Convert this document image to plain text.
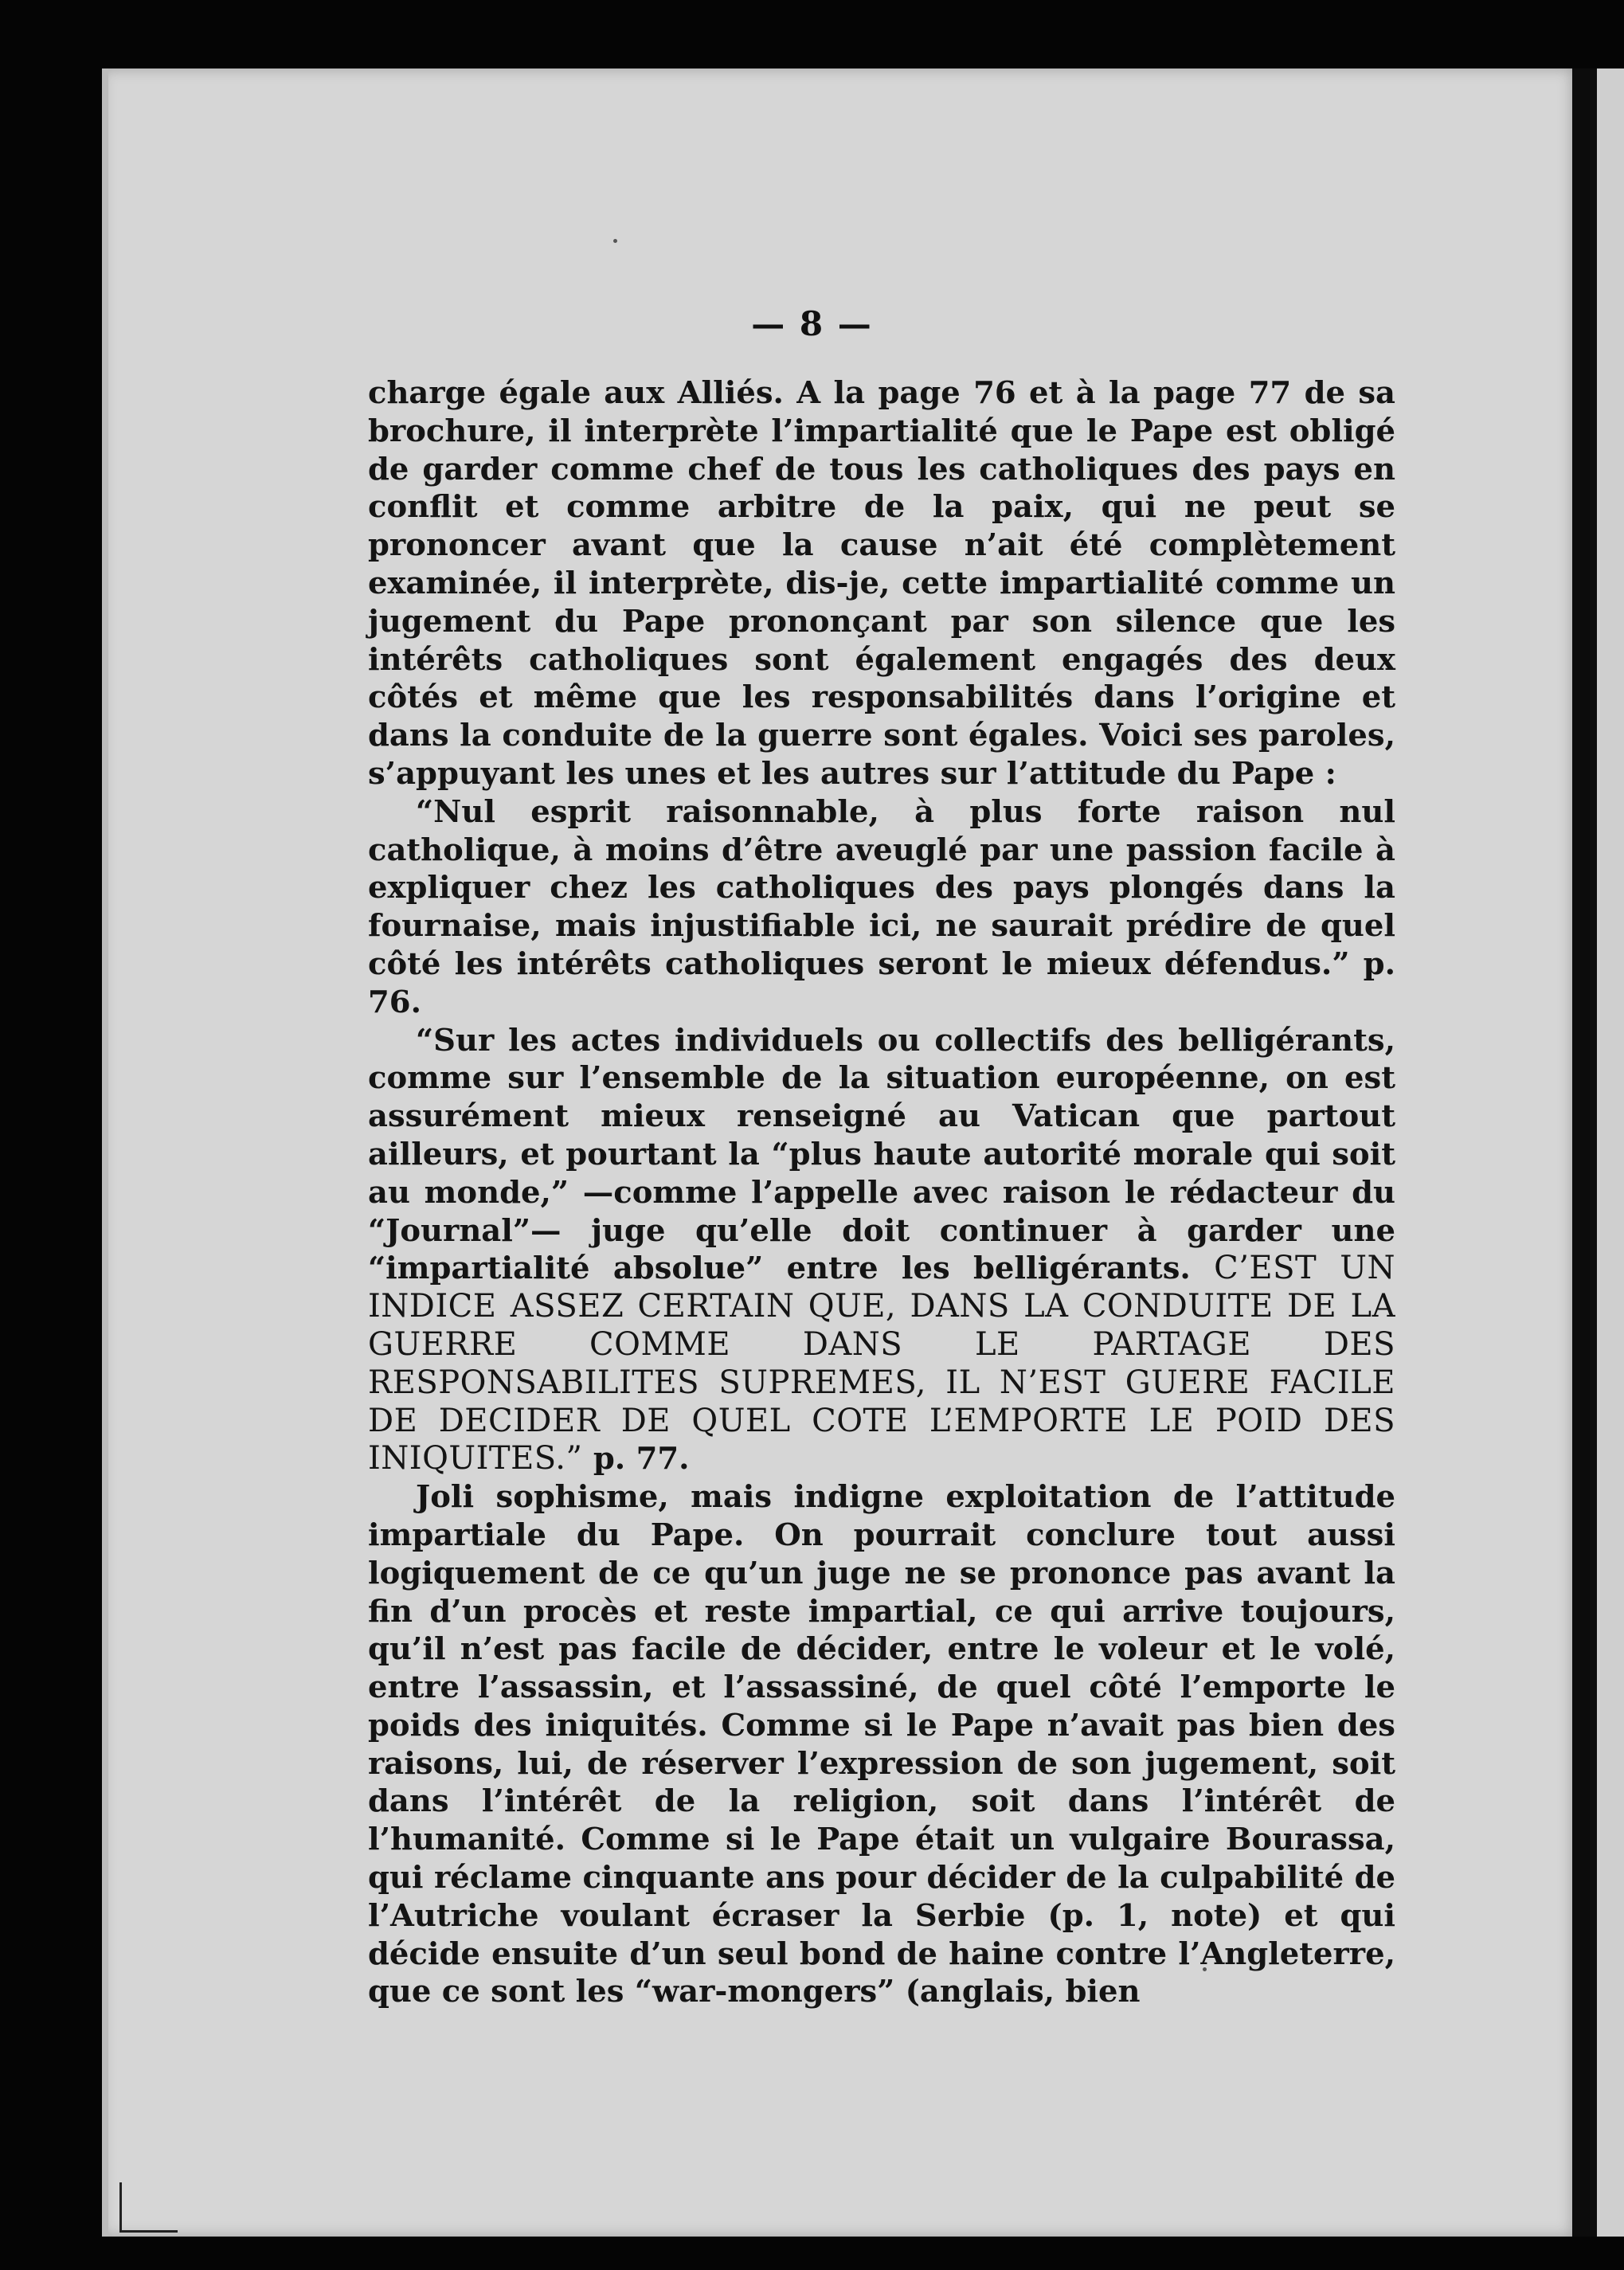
— 8 —

charge égale aux Alliés. A la page 76 et à la page 77 de sa brochure, il interprète l’impartialité que le Pape est obligé de garder comme chef de tous les catholiques des pays en conflit et comme arbitre de la paix, qui ne peut se prononcer avant que la cause n’ait été complètement examinée, il interprète, dis-je, cette impartialité comme un jugement du Pape prononçant par son silence que les intérêts catholiques sont également engagés des deux côtés et même que les responsabilités dans l’origine et dans la conduite de la guerre sont égales. Voici ses paroles, s’appuyant les unes et les autres sur l’attitude du Pape :

“Nul esprit raisonnable, à plus forte raison nul catholique, à moins d’être aveuglé par une passion facile à expliquer chez les catholiques des pays plongés dans la fournaise, mais injustifiable ici, ne saurait prédire de quel côté les intérêts catholiques seront le mieux défendus.” p. 76.

“Sur les actes individuels ou collectifs des belligérants, comme sur l’ensemble de la situation européenne, on est assurément mieux renseigné au Vatican que partout ailleurs, et pourtant la “plus haute autorité morale qui soit au monde,” —comme l’appelle avec raison le rédacteur du “Journal”— juge qu’elle doit continuer à garder une “impartialité absolue” entre les belligérants. C’EST UN INDICE ASSEZ CERTAIN QUE, DANS LA CONDUITE DE LA GUERRE COMME DANS LE PARTAGE DES RESPONSABILITES SUPREMES, IL N’EST GUERE FACILE DE DECIDER DE QUEL COTE L’EMPORTE LE POID DES INIQUITES.” p. 77.

Joli sophisme, mais indigne exploitation de l’attitude impartiale du Pape. On pourrait conclure tout aussi logiquement de ce qu’un juge ne se prononce pas avant la fin d’un procès et reste impartial, ce qui arrive toujours, qu’il n’est pas facile de décider, entre le voleur et le volé, entre l’assassin, et l’assassiné, de quel côté l’emporte le poids des iniquités. Comme si le Pape n’avait pas bien des raisons, lui, de réserver l’expression de son jugement, soit dans l’intérêt de la religion, soit dans l’intérêt de l’humanité. Comme si le Pape était un vulgaire Bourassa, qui réclame cinquante ans pour décider de la culpabilité de l’Autriche voulant écraser la Serbie (p. 1, note) et qui décide ensuite d’un seul bond de haine contre l’Angleterre, que ce sont les “war-mongers” (anglais, bien
